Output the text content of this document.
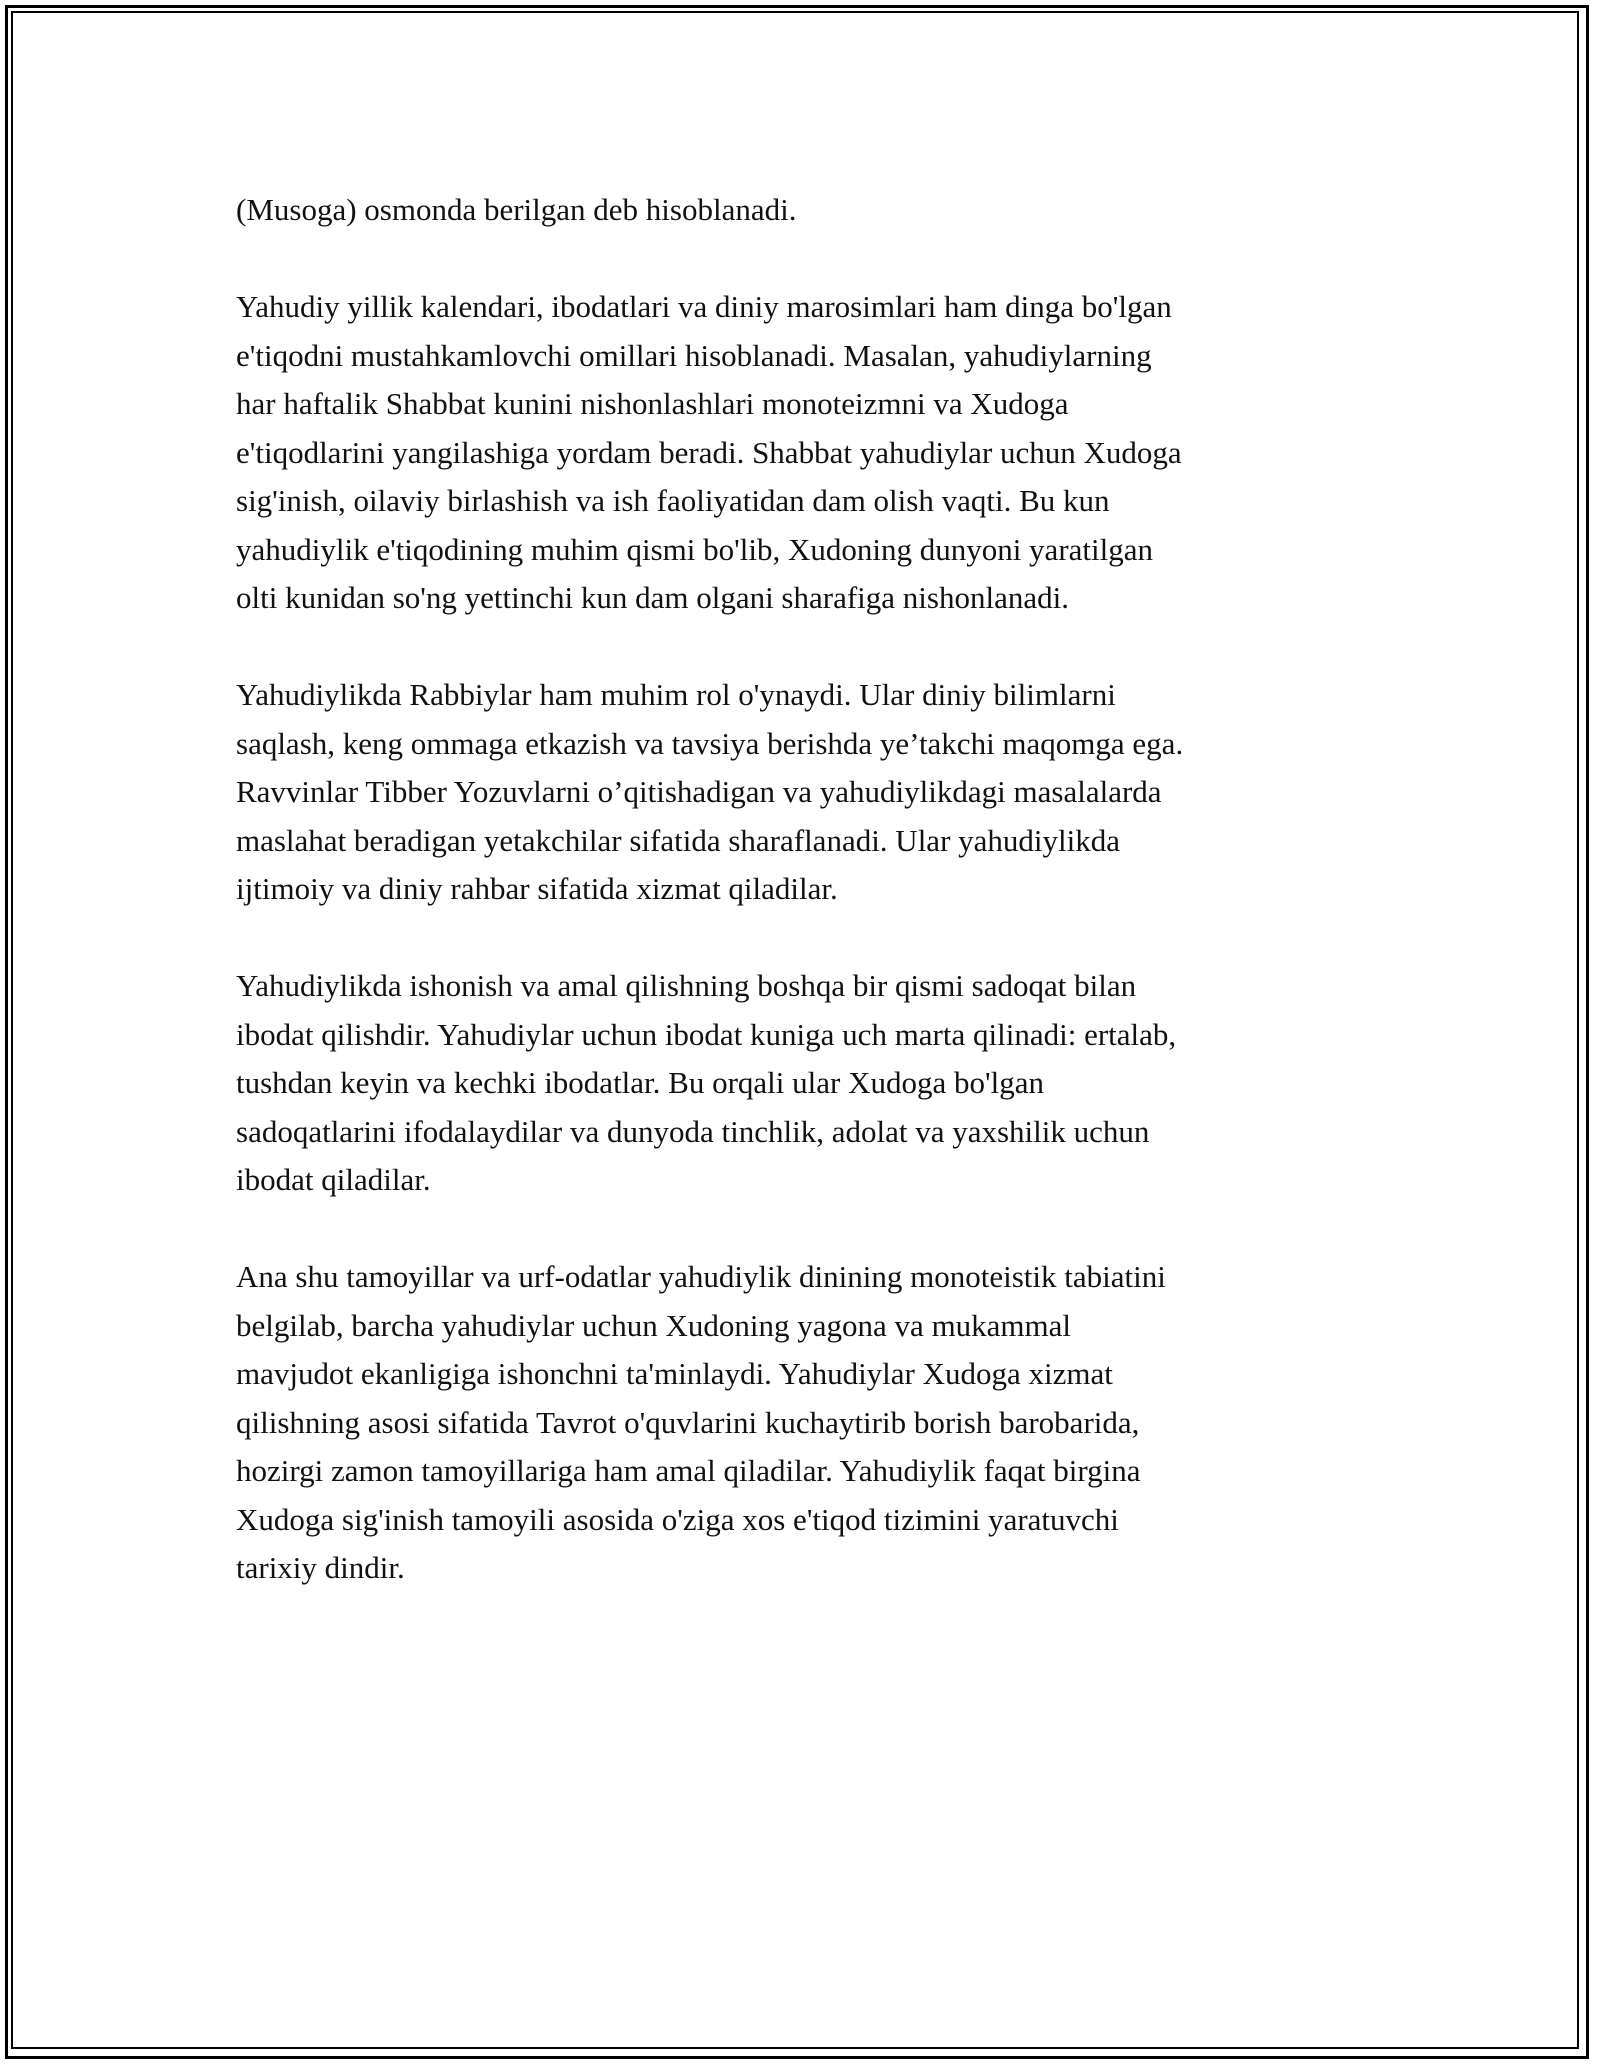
(Musoga) osmonda berilgan deb hisoblanadi.

Yahudiy yillik kalendari, ibodatlari va diniy marosimlari ham dinga bo'lgan
e'tiqodni mustahkamlovchi omillari hisoblanadi. Masalan, yahudiylarning
har haftalik Shabbat kunini nishonlashlari monoteizmni va Xudoga
e'tiqodlarini yangilashiga yordam beradi. Shabbat yahudiylar uchun Xudoga
sig'inish, oilaviy birlashish va ish faoliyatidan dam olish vaqti. Bu kun
yahudiylik e'tiqodining muhim qismi bo'lib, Xudoning dunyoni yaratilgan
olti kunidan so'ng yettinchi kun dam olgani sharafiga nishonlanadi.

Yahudiylikda Rabbiylar ham muhim rol o'ynaydi. Ular diniy bilimlarni
saqlash, keng ommaga etkazish va tavsiya berishda ye’takchi maqomga ega.
Ravvinlar Tibber Yozuvlarni o’qitishadigan va yahudiylikdagi masalalarda
maslahat beradigan yetakchilar sifatida sharaflanadi. Ular yahudiylikda
ijtimoiy va diniy rahbar sifatida xizmat qiladilar.

Yahudiylikda ishonish va amal qilishning boshqa bir qismi sadoqat bilan
ibodat qilishdir. Yahudiylar uchun ibodat kuniga uch marta qilinadi: ertalab,
tushdan keyin va kechki ibodatlar. Bu orqali ular Xudoga bo'lgan
sadoqatlarini ifodalaydilar va dunyoda tinchlik, adolat va yaxshilik uchun
ibodat qiladilar.

Ana shu tamoyillar va urf-odatlar yahudiylik dinining monoteistik tabiatini
belgilab, barcha yahudiylar uchun Xudoning yagona va mukammal
mavjudot ekanligiga ishonchni ta'minlaydi. Yahudiylar Xudoga xizmat
qilishning asosi sifatida Tavrot o'quvlarini kuchaytirib borish barobarida,
hozirgi zamon tamoyillariga ham amal qiladilar. Yahudiylik faqat birgina
Xudoga sig'inish tamoyili asosida o'ziga xos e'tiqod tizimini yaratuvchi
tarixiy dindir.
